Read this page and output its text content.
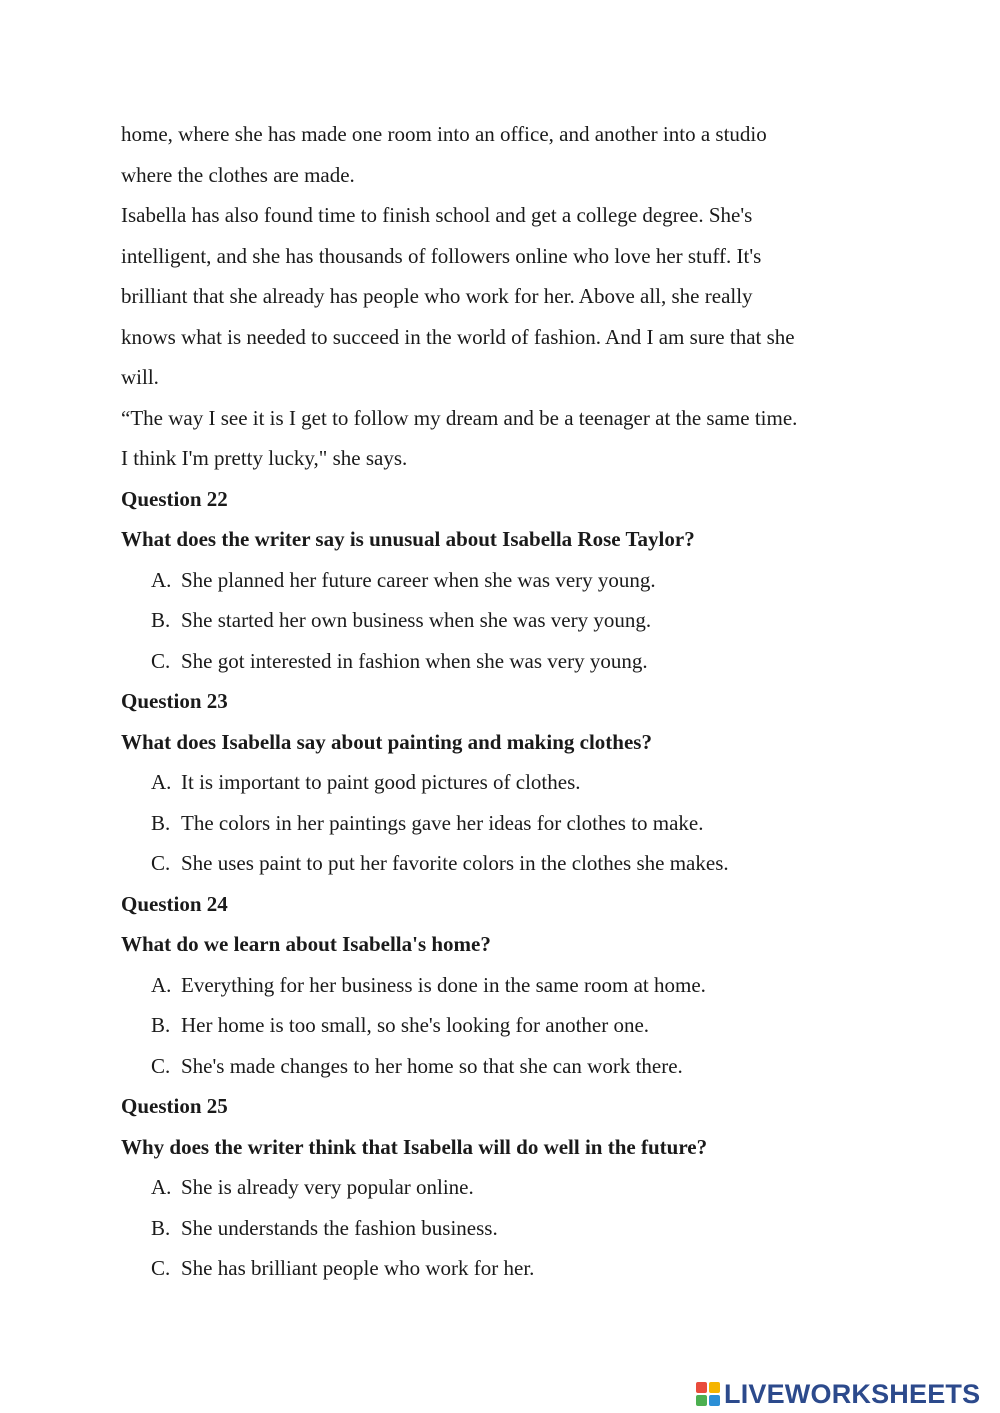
home, where she has made one room into an office, and another into a studio
where the clothes are made.
Isabella has also found time to finish school and get a college degree. She's
intelligent, and she has thousands of followers online who love her stuff. It's
brilliant that she already has people who work for her. Above all, she really
knows what is needed to succeed in the world of fashion. And I am sure that she
will.
“The way I see it is I get to follow my dream and be a teenager at the same time.
I think I'm pretty lucky," she says.
Question 22
What does the writer say is unusual about Isabella Rose Taylor?
A. She planned her future career when she was very young.
B. She started her own business when she was very young.
C. She got interested in fashion when she was very young.
Question 23
What does Isabella say about painting and making clothes?
A. It is important to paint good pictures of clothes.
B. The colors in her paintings gave her ideas for clothes to make.
C. She uses paint to put her favorite colors in the clothes she makes.
Question 24
What do we learn about Isabella's home?
A. Everything for her business is done in the same room at home.
B. Her home is too small, so she's looking for another one.
C. She's made changes to her home so that she can work there.
Question 25
Why does the writer think that Isabella will do well in the future?
A. She is already very popular online.
B. She understands the fashion business.
C. She has brilliant people who work for her.
LIVEWORKSHEETS
